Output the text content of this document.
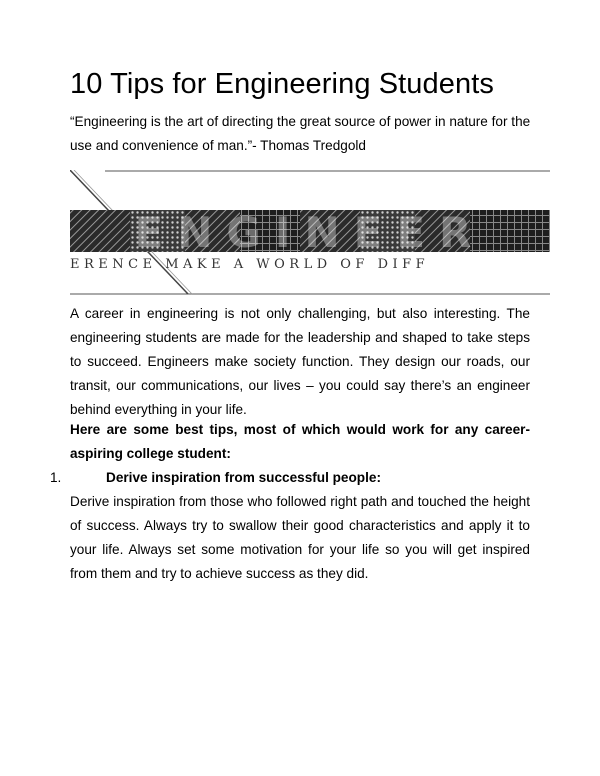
10 Tips for Engineering Students

“Engineering is the art of directing the great source of power in nature for the use and convenience of man.”- Thomas Tredgold

ENGINEER
ERENCE MAKE A WORLD OF DIFF

A career in engineering is not only challenging, but also interesting. The engineering students are made for the leadership and shaped to take steps to succeed. Engineers make society function. They design our roads, our transit, our communications, our lives – you could say there’s an engineer behind everything in your life.

Here are some best tips, most of which would work for any career-aspiring college student:

1.	Derive inspiration from successful people:

Derive inspiration from those who followed right path and touched the height of success. Always try to swallow their good characteristics and apply it to your life. Always set some motivation for your life so you will get inspired from them and try to achieve success as they did.
